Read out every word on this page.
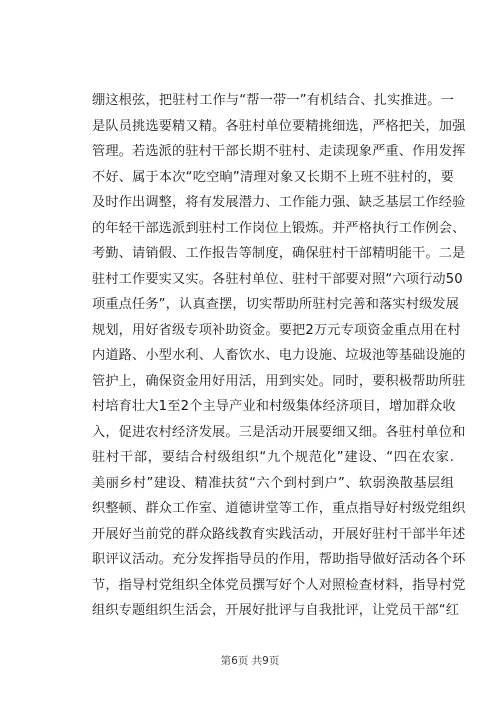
绷这根弦，把驻村工作与“帮一带一”有机结合、扎实推进。一
是队员挑选要精又精。各驻村单位要精挑细选，严格把关，加强
管理。若选派的驻村干部长期不驻村、走读现象严重、作用发挥
不好、属于本次“吃空晌”清理对象又长期不上班不驻村的，要
及时作出调整，将有发展潜力、工作能力强、缺乏基层工作经验
的年轻干部选派到驻村工作岗位上锻炼。并严格执行工作例会、
考勤、请销假、工作报告等制度，确保驻村干部精明能干。二是
驻村工作要实又实。各驻村单位、驻村干部要对照“六项行动50
项重点任务”，认真查摆，切实帮助所驻村完善和落实村级发展
规划，用好省级专项补助资金。要把2万元专项资金重点用在村
内道路、小型水利、人畜饮水、电力设施、垃圾池等基础设施的
管护上，确保资金用好用活，用到实处。同时，要积极帮助所驻
村培育壮大1至2个主导产业和村级集体经济项目，增加群众收
入，促进农村经济发展。三是活动开展要细又细。各驻村单位和
驻村干部，要结合村级组织“九个规范化”建设、“四在农家.
美丽乡村”建设、精准扶贫“六个到村到户”、软弱涣散基层组
织整顿、群众工作室、道德讲堂等工作，重点指导好村级党组织
开展好当前党的群众路线教育实践活动，开展好驻村干部半年述
职评议活动。充分发挥指导员的作用，帮助指导做好活动各个环
节，指导村党组织全体党员撰写好个人对照检查材料，指导村党
组织专题组织生活会，开展好批评与自我批评，让党员干部“红
第6页 共9页
